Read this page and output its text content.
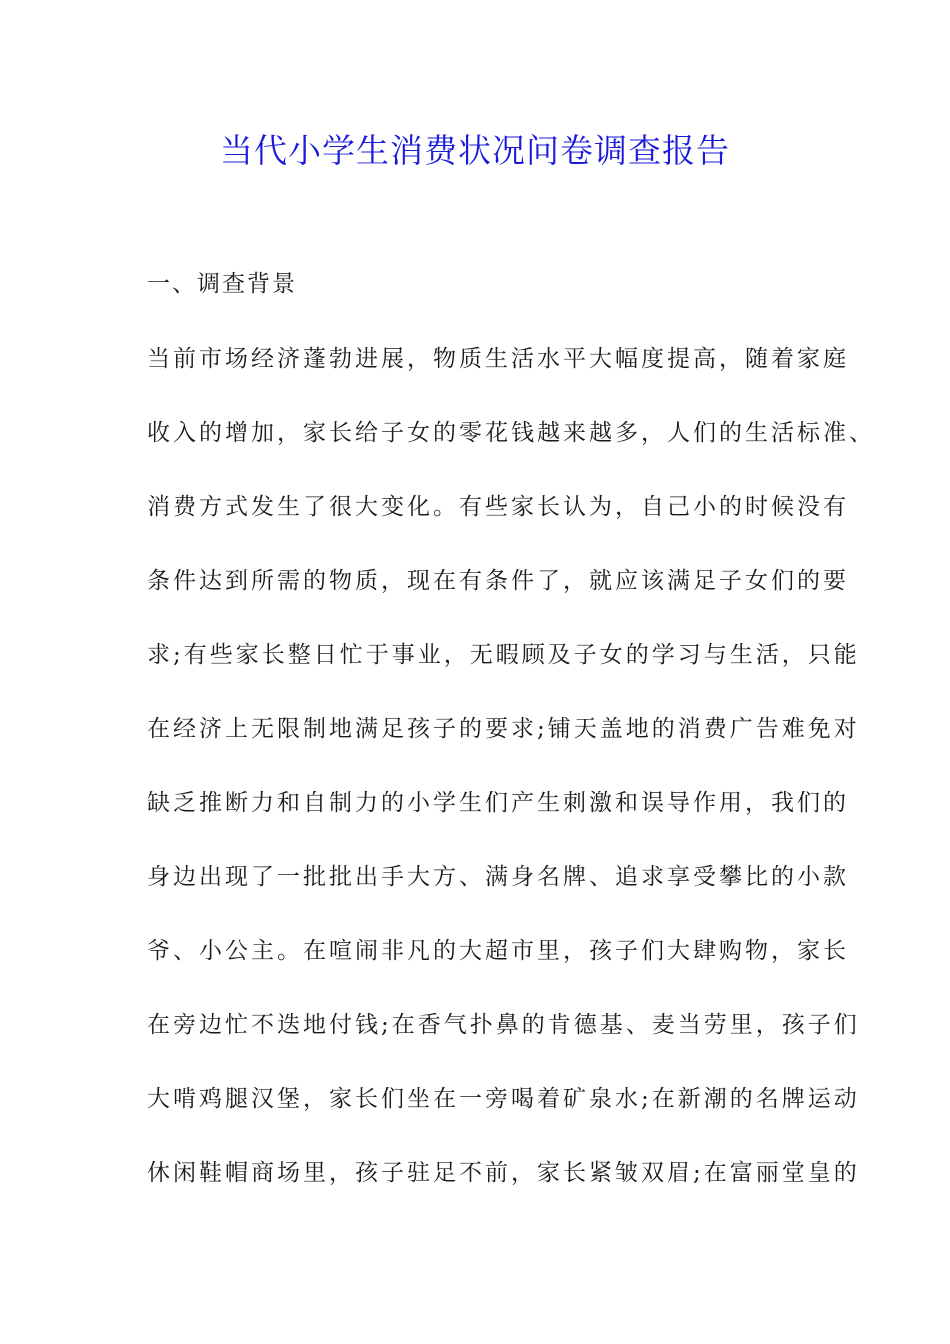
当代小学生消费状况问卷调查报告
一、调查背景

当前市场经济蓬勃进展，物质生活水平大幅度提高，随着家庭

收入的增加，家长给子女的零花钱越来越多，人们的生活标准、

消费方式发生了很大变化。有些家长认为，自己小的时候没有

条件达到所需的物质，现在有条件了，就应该满足子女们的要

求;有些家长整日忙于事业，无暇顾及子女的学习与生活，只能

在经济上无限制地满足孩子的要求;铺天盖地的消费广告难免对

缺乏推断力和自制力的小学生们产生刺激和误导作用，我们的

身边出现了一批批出手大方、满身名牌、追求享受攀比的小款

爷、小公主。在喧闹非凡的大超市里，孩子们大肆购物，家长

在旁边忙不迭地付钱;在香气扑鼻的肯德基、麦当劳里，孩子们

大啃鸡腿汉堡，家长们坐在一旁喝着矿泉水;在新潮的名牌运动

休闲鞋帽商场里，孩子驻足不前，家长紧皱双眉;在富丽堂皇的
